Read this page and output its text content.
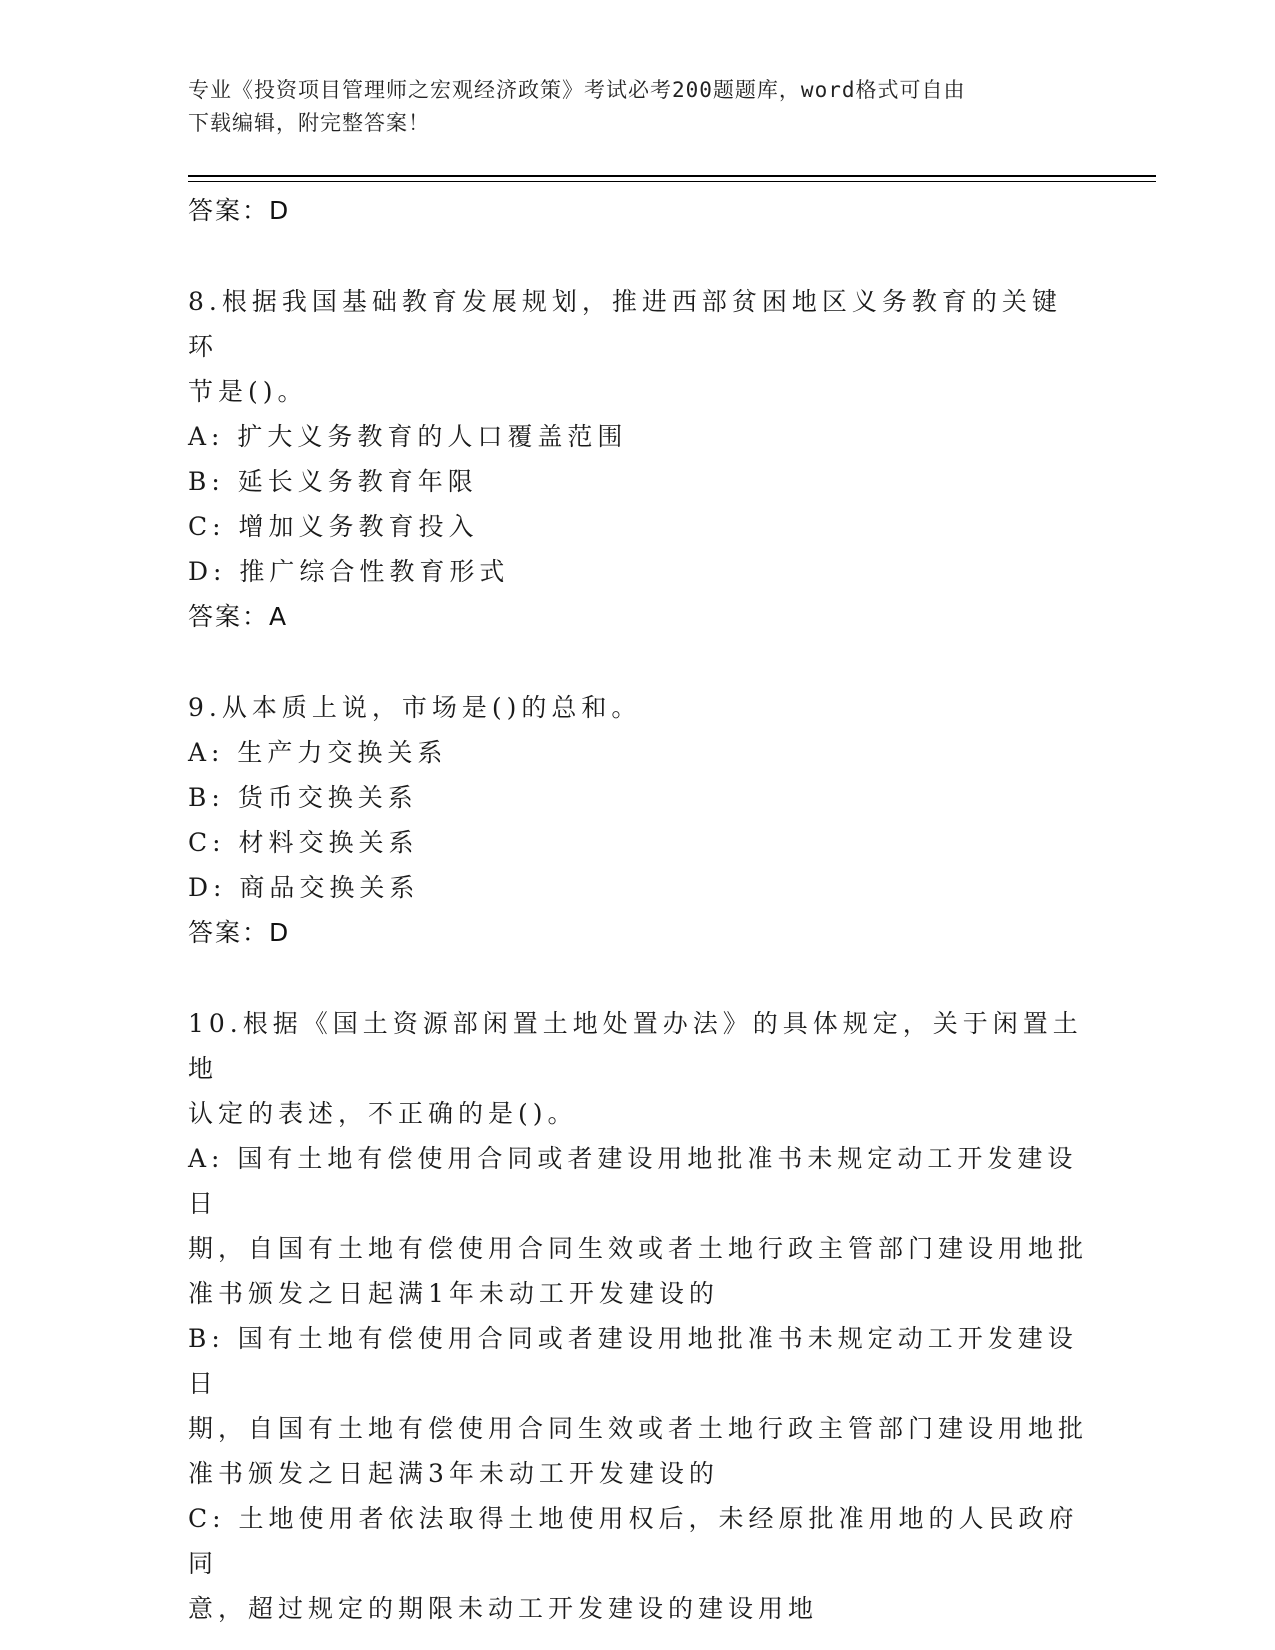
专业《投资项目管理师之宏观经济政策》考试必考200题题库，word格式可自由
下载编辑，附完整答案！
答案：D
8.根据我国基础教育发展规划，推进西部贫困地区义务教育的关键环
节是()。
A: 扩大义务教育的人口覆盖范围
B: 延长义务教育年限
C: 增加义务教育投入
D: 推广综合性教育形式
答案：A
9.从本质上说，市场是()的总和。
A: 生产力交换关系
B: 货币交换关系
C: 材料交换关系
D: 商品交换关系
答案：D
10.根据《国土资源部闲置土地处置办法》的具体规定，关于闲置土地
认定的表述，不正确的是()。
A: 国有土地有偿使用合同或者建设用地批准书未规定动工开发建设日
期，自国有土地有偿使用合同生效或者土地行政主管部门建设用地批
准书颁发之日起满1年未动工开发建设的
B: 国有土地有偿使用合同或者建设用地批准书未规定动工开发建设日
期，自国有土地有偿使用合同生效或者土地行政主管部门建设用地批
准书颁发之日起满3年未动工开发建设的
C: 土地使用者依法取得土地使用权后，未经原批准用地的人民政府同
意，超过规定的期限未动工开发建设的建设用地
